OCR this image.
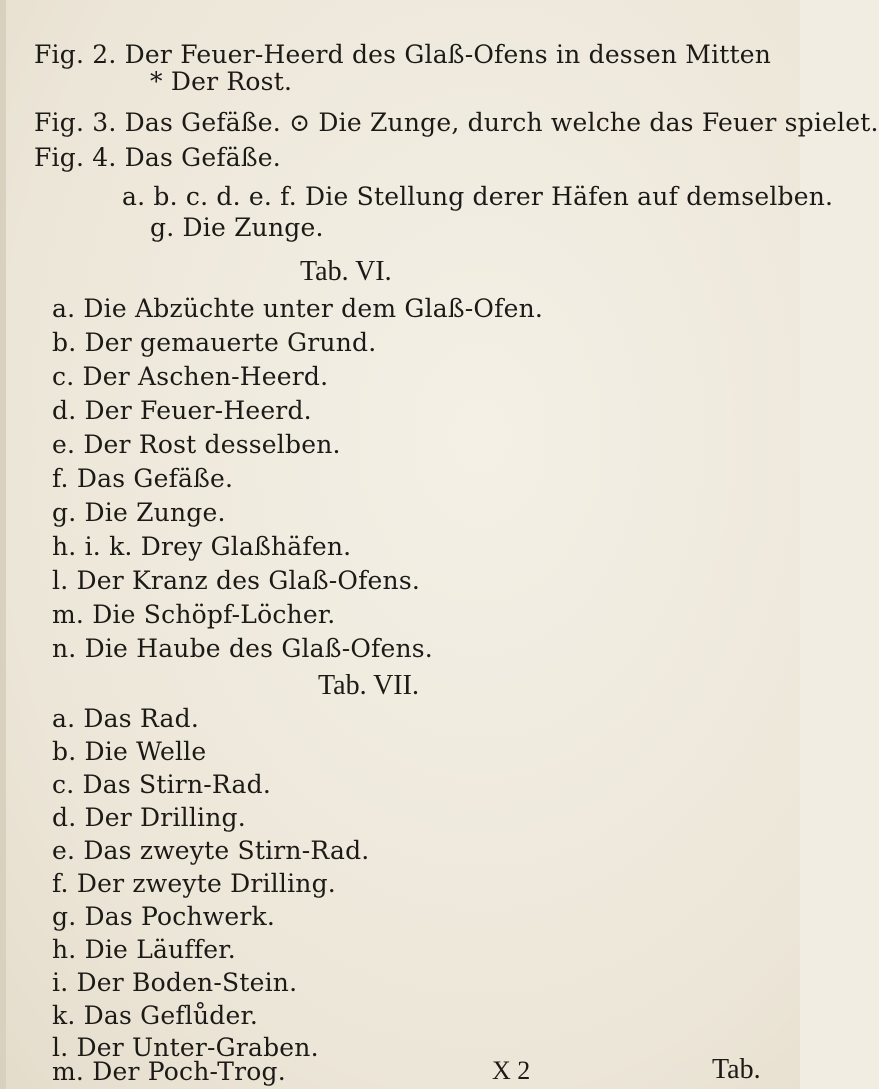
Fig. 2. Der Feuer-Heerd des Glaß-Ofens in dessen Mitten
* Der Rost.
Fig. 3. Das Gefäße. ⊙ Die Zunge, durch welche das Feuer spielet.
Fig. 4. Das Gefäße.
a. b. c. d. e. f. Die Stellung derer Häfen auf demselben.
g. Die Zunge.
Tab. VI.
a. Die Abzüchte unter dem Glaß-Ofen.
b. Der gemauerte Grund.
c. Der Aschen-Heerd.
d. Der Feuer-Heerd.
e. Der Rost desselben.
f. Das Gefäße.
g. Die Zunge.
h. i. k. Drey Glaßhäfen.
l. Der Kranz des Glaß-Ofens.
m. Die Schöpf-Löcher.
n. Die Haube des Glaß-Ofens.
Tab. VII.
a. Das Rad.
b. Die Welle
c. Das Stirn-Rad.
d. Der Drilling.
e. Das zweyte Stirn-Rad.
f. Der zweyte Drilling.
g. Das Pochwerk.
h. Die Läuffer.
i. Der Boden-Stein.
k. Das Geflůder.
l. Der Unter-Graben.
m. Der Poch-Trog.	X 2	Tab.
